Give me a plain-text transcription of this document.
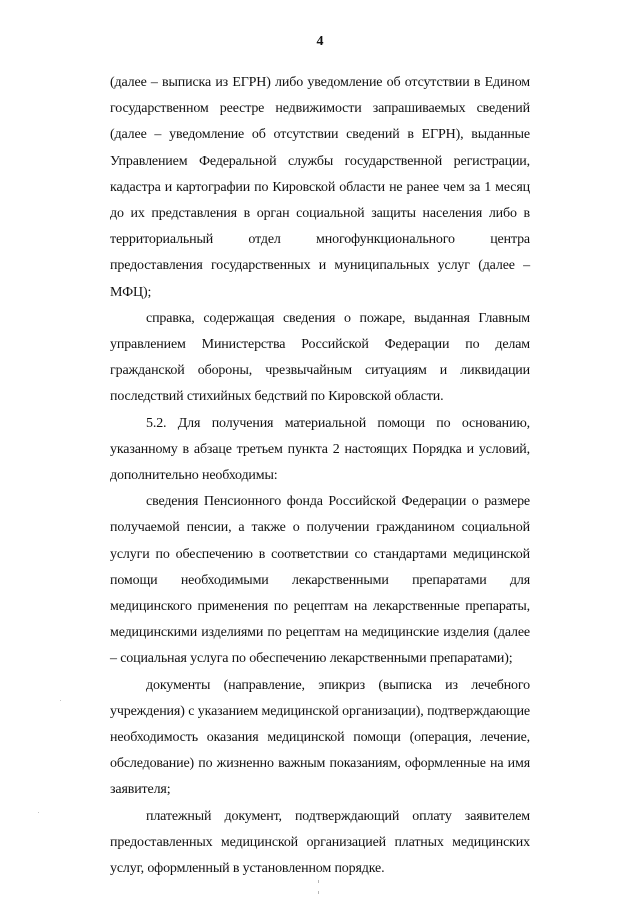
4

(далее – выписка из ЕГРН) либо уведомление об отсутствии в Едином государственном реестре недвижимости запрашиваемых сведений (далее – уведомление об отсутствии сведений в ЕГРН), выданные Управлением Федеральной службы государственной регистрации, кадастра и картографии по Кировской области не ранее чем за 1 месяц до их представления в орган социальной защиты населения либо в территориальный отдел многофункционального центра предоставления государственных и муниципальных услуг (далее – МФЦ);

справка, содержащая сведения о пожаре, выданная Главным управлением Министерства Российской Федерации по делам гражданской обороны, чрезвычайным ситуациям и ликвидации последствий стихийных бедствий по Кировской области.

5.2. Для получения материальной помощи по основанию, указанному в абзаце третьем пункта 2 настоящих Порядка и условий, дополнительно необходимы:

сведения Пенсионного фонда Российской Федерации о размере получаемой пенсии, а также о получении гражданином социальной услуги по обеспечению в соответствии со стандартами медицинской помощи необходимыми лекарственными препаратами для медицинского применения по рецептам на лекарственные препараты, медицинскими изделиями по рецептам на медицинские изделия (далее – социальная услуга по обеспечению лекарственными препаратами);

документы (направление, эпикриз (выписка из лечебного учреждения) с указанием медицинской организации), подтверждающие необходимость оказания медицинской помощи (операция, лечение, обследование) по жизненно важным показаниям, оформленные на имя заявителя;

платежный документ, подтверждающий оплату заявителем предоставленных медицинской организацией платных медицинских услуг, оформленный в установленном порядке.
